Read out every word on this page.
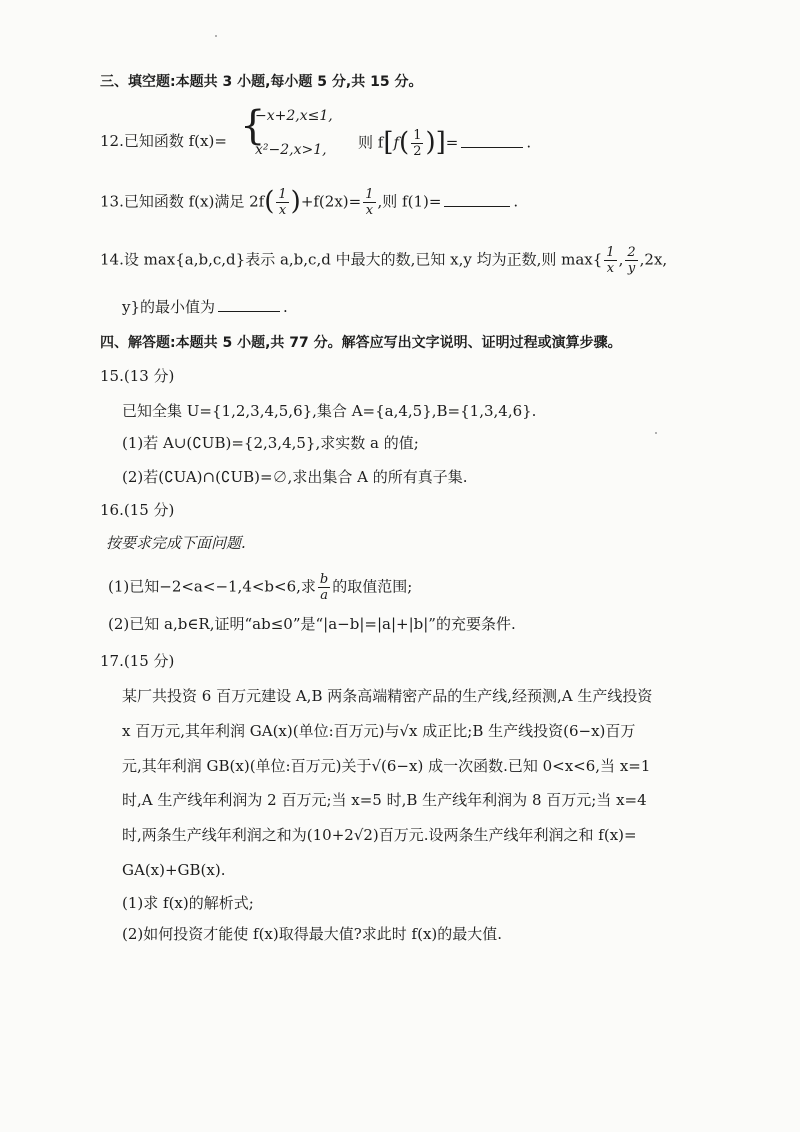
三、填空题:本题共 3 小题,每小题 5 分,共 15 分。
12.已知函数 f(x)= {
−x+2,x≤1,
x²−2,x>1, 则 $f[f( \frac{1}{2}$ )]=	.
13.已知函数 f(x)满足 $2f( \frac{1}{x} )+f(2x)= \frac{1}{x}$ ,则 f(1)=	.
14.设 max{a,b,c,d}表示 a,b,c,d 中最大的数,已知 x,y 均为正数,则 $\max\{ \frac{1}{x}$ , $\frac{2}{y} ,2x$,
y}的最小值为	.
四、解答题:本题共 5 小题,共 77 分。解答应写出文字说明、证明过程或演算步骤。
15.(13 分)
已知全集 U={1,2,3,4,5,6},集合 A={a,4,5},B={1,3,4,6}.
(1)若 A∪(∁UB)={2,3,4,5},求实数 a 的值;
(2)若(∁UA)∩(∁UB)=∅,求出集合 A 的所有真子集.
16.(15 分)
按要求完成下面问题.
(1)已知−2<a<−1,4<b<6,求 $\frac{b}{a}$ 的取值范围;
(2)已知 a,b∈R,证明“ab≤0”是“|a−b|=|a|+|b|”的充要条件.
17.(15 分)
某厂共投资 6 百万元建设 A,B 两条高端精密产品的生产线,经预测,A 生产线投资
x 百万元,其年利润 GA(x)(单位:百万元)与√x 成正比;B 生产线投资(6−x)百万
元,其年利润 GB(x)(单位:百万元)关于√(6−x) 成一次函数.已知 0<x<6,当 x=1
时,A 生产线年利润为 2 百万元;当 x=5 时,B 生产线年利润为 8 百万元;当 x=4
时,两条生产线年利润之和为(10+2√2)百万元.设两条生产线年利润之和 f(x)=
GA(x)+GB(x).
(1)求 f(x)的解析式;
(2)如何投资才能使 f(x)取得最大值?求此时 f(x)的最大值.
